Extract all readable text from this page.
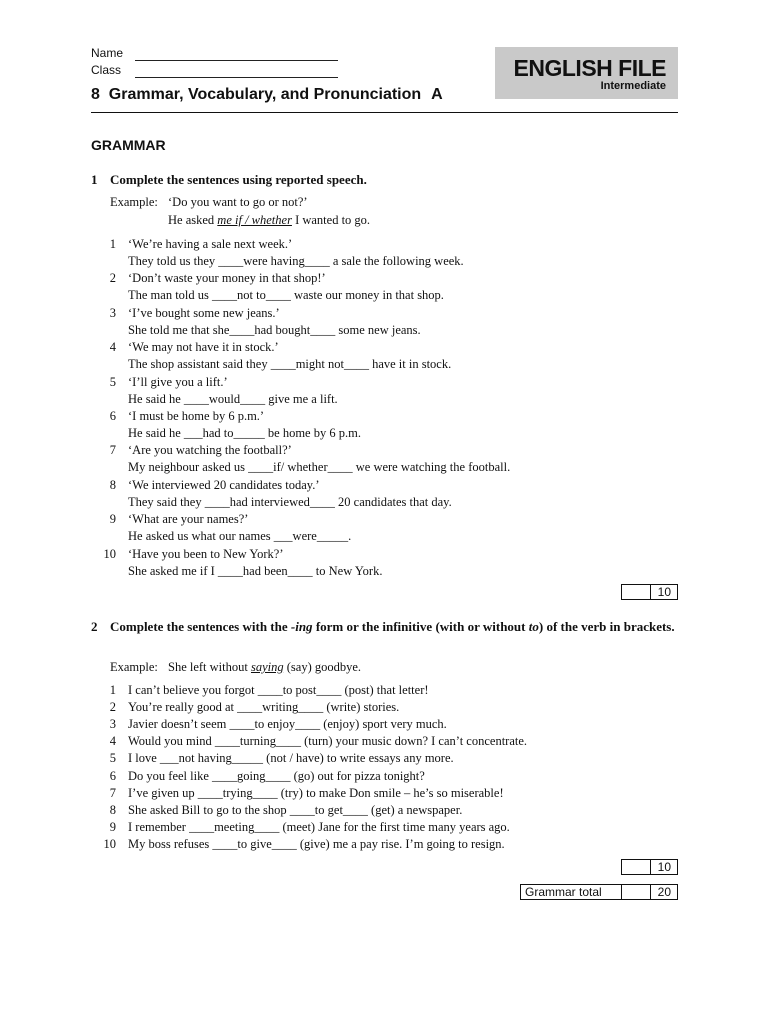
Name
Class
8 Grammar, Vocabulary, and Pronunciation A
ENGLISH FILE
Intermediate
GRAMMAR
1 Complete the sentences using reported speech.
Example: ‘Do you want to go or not?’
He asked me if / whether I wanted to go.
1 ‘We’re having a sale next week.’
They told us they ____were having____ a sale the following week.
2 ‘Don’t waste your money in that shop!’
The man told us ____not to____ waste our money in that shop.
3 ‘I’ve bought some new jeans.’
She told me that she____had bought____ some new jeans.
4 ‘We may not have it in stock.’
The shop assistant said they ____might not____ have it in stock.
5 ‘I’ll give you a lift.’
He said he ____would____ give me a lift.
6 ‘I must be home by 6 p.m.’
He said he ___had to_____ be home by 6 p.m.
7 ‘Are you watching the football?’
My neighbour asked us ____if/ whether____ we were watching the football.
8 ‘We interviewed 20 candidates today.’
They said they ____had interviewed____ 20 candidates that day.
9 ‘What are your names?’
He asked us what our names ___were_____.
10 ‘Have you been to New York?’
She asked me if I ____had been____ to New York.
10
2 Complete the sentences with the -ing form or the infinitive (with or without to) of the verb in brackets.
Example: She left without saying (say) goodbye.
1 I can’t believe you forgot ____to post____ (post) that letter!
2 You’re really good at ____writing____ (write) stories.
3 Javier doesn’t seem ____to enjoy____ (enjoy) sport very much.
4 Would you mind ____turning____ (turn) your music down? I can’t concentrate.
5 I love ___not having_____ (not / have) to write essays any more.
6 Do you feel like ____going____ (go) out for pizza tonight?
7 I’ve given up ____trying____ (try) to make Don smile – he’s so miserable!
8 She asked Bill to go to the shop ____to get____ (get) a newspaper.
9 I remember ____meeting____ (meet) Jane for the first time many years ago.
10 My boss refuses ____to give____ (give) me a pay rise. I’m going to resign.
10
Grammar total	20
